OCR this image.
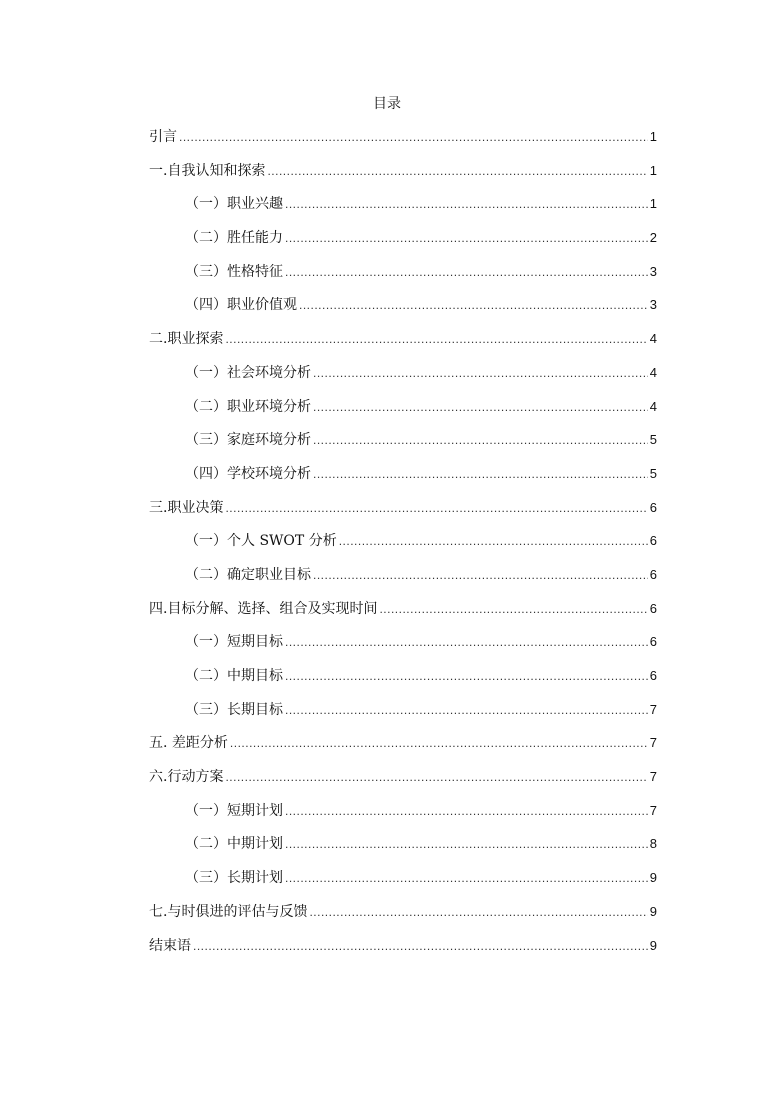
目录
引言 .....	1
一.自我认知和探索 .....	1
（一）职业兴趣 .....	1
（二）胜任能力 .....	2
（三）性格特征 .....	3
（四）职业价值观 .....	3
二.职业探索 .....	4
（一）社会环境分析 .....	4
（二）职业环境分析 .....	4
（三）家庭环境分析 .....	5
（四）学校环境分析 .....	5
三.职业决策 .....	6
（一）个人 SWOT 分析 .....	6
（二）确定职业目标 .....	6
四.目标分解、选择、组合及实现时间 .....	6
（一）短期目标 .....	6
（二）中期目标 .....	6
（三）长期目标 .....	7
五. 差距分析 .....	7
六.行动方案 .....	7
（一）短期计划 .....	7
（二）中期计划 .....	8
（三）长期计划 .....	9
七.与时俱进的评估与反馈 .....	9
结束语 .....	9
